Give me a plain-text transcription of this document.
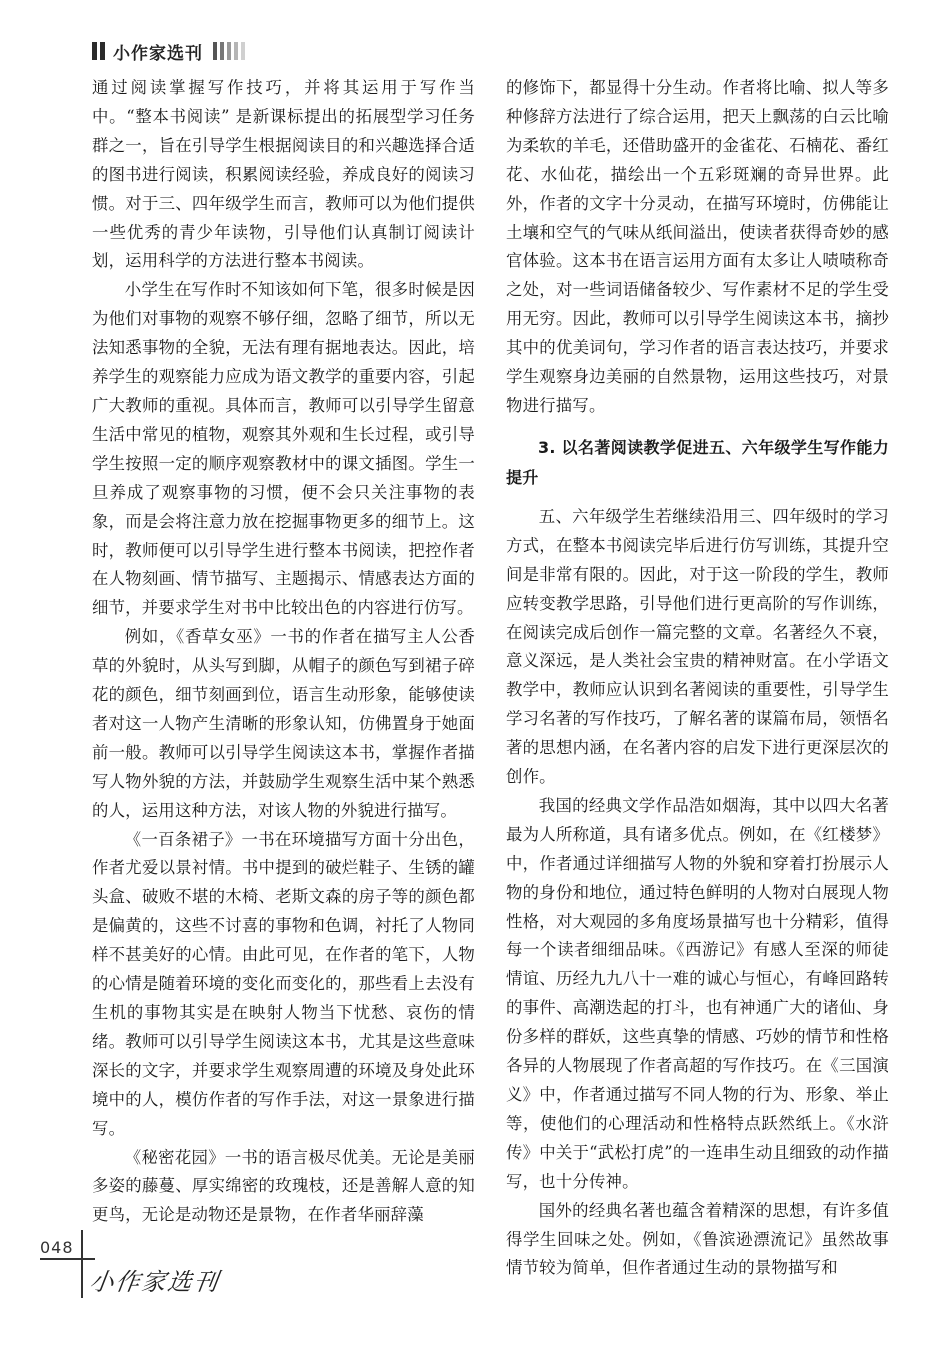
小作家选刊

通过阅读掌握写作技巧，并将其运用于写作当中。“整本书阅读” 是新课标提出的拓展型学习任务群之一，旨在引导学生根据阅读目的和兴趣选择合适的图书进行阅读，积累阅读经验，养成良好的阅读习惯。对于三、四年级学生而言，教师可以为他们提供一些优秀的青少年读物，引导他们认真制订阅读计划，运用科学的方法进行整本书阅读。

小学生在写作时不知该如何下笔，很多时候是因为他们对事物的观察不够仔细，忽略了细节，所以无法知悉事物的全貌，无法有理有据地表达。因此，培养学生的观察能力应成为语文教学的重要内容，引起广大教师的重视。具体而言，教师可以引导学生留意生活中常见的植物，观察其外观和生长过程，或引导学生按照一定的顺序观察教材中的课文插图。学生一旦养成了观察事物的习惯，便不会只关注事物的表象，而是会将注意力放在挖掘事物更多的细节上。这时，教师便可以引导学生进行整本书阅读，把控作者在人物刻画、情节描写、主题揭示、情感表达方面的细节，并要求学生对书中比较出色的内容进行仿写。

例如，《香草女巫》一书的作者在描写主人公香草的外貌时，从头写到脚，从帽子的颜色写到裙子碎花的颜色，细节刻画到位，语言生动形象，能够使读者对这一人物产生清晰的形象认知，仿佛置身于她面前一般。教师可以引导学生阅读这本书，掌握作者描写人物外貌的方法，并鼓励学生观察生活中某个熟悉的人，运用这种方法，对该人物的外貌进行描写。

《一百条裙子》一书在环境描写方面十分出色，作者尤爱以景衬情。书中提到的破烂鞋子、生锈的罐头盒、破败不堪的木椅、老斯文森的房子等的颜色都是偏黄的，这些不讨喜的事物和色调，衬托了人物同样不甚美好的心情。由此可见，在作者的笔下，人物的心情是随着环境的变化而变化的，那些看上去没有生机的事物其实是在映射人物当下忧愁、哀伤的情绪。教师可以引导学生阅读这本书，尤其是这些意味深长的文字，并要求学生观察周遭的环境及身处此环境中的人，模仿作者的写作手法，对这一景象进行描写。

《秘密花园》一书的语言极尽优美。无论是美丽多姿的藤蔓、厚实绵密的玫瑰枝，还是善解人意的知更鸟，无论是动物还是景物，在作者华丽辞藻

的修饰下，都显得十分生动。作者将比喻、拟人等多种修辞方法进行了综合运用，把天上飘荡的白云比喻为柔软的羊毛，还借助盛开的金雀花、石楠花、番红花、水仙花，描绘出一个五彩斑斓的奇异世界。此外，作者的文字十分灵动，在描写环境时，仿佛能让土壤和空气的气味从纸间溢出，使读者获得奇妙的感官体验。这本书在语言运用方面有太多让人啧啧称奇之处，对一些词语储备较少、写作素材不足的学生受用无穷。因此，教师可以引导学生阅读这本书，摘抄其中的优美词句，学习作者的语言表达技巧，并要求学生观察身边美丽的自然景物，运用这些技巧，对景物进行描写。

3. 以名著阅读教学促进五、六年级学生写作能力提升

五、六年级学生若继续沿用三、四年级时的学习方式，在整本书阅读完毕后进行仿写训练，其提升空间是非常有限的。因此，对于这一阶段的学生，教师应转变教学思路，引导他们进行更高阶的写作训练，在阅读完成后创作一篇完整的文章。名著经久不衰，意义深远，是人类社会宝贵的精神财富。在小学语文教学中，教师应认识到名著阅读的重要性，引导学生学习名著的写作技巧，了解名著的谋篇布局，领悟名著的思想内涵，在名著内容的启发下进行更深层次的创作。

我国的经典文学作品浩如烟海，其中以四大名著最为人所称道，具有诸多优点。例如，在《红楼梦》中，作者通过详细描写人物的外貌和穿着打扮展示人物的身份和地位，通过特色鲜明的人物对白展现人物性格，对大观园的多角度场景描写也十分精彩，值得每一个读者细细品味。《西游记》有感人至深的师徒情谊、历经九九八十一难的诚心与恒心，有峰回路转的事件、高潮迭起的打斗，也有神通广大的诸仙、身份多样的群妖，这些真挚的情感、巧妙的情节和性格各异的人物展现了作者高超的写作技巧。在《三国演义》中，作者通过描写不同人物的行为、形象、举止等，使他们的心理活动和性格特点跃然纸上。《水浒传》中关于“武松打虎”的一连串生动且细致的动作描写，也十分传神。

国外的经典名著也蕴含着精深的思想，有许多值得学生回味之处。例如，《鲁滨逊漂流记》虽然故事情节较为简单，但作者通过生动的景物描写和

048
小作家选刊
